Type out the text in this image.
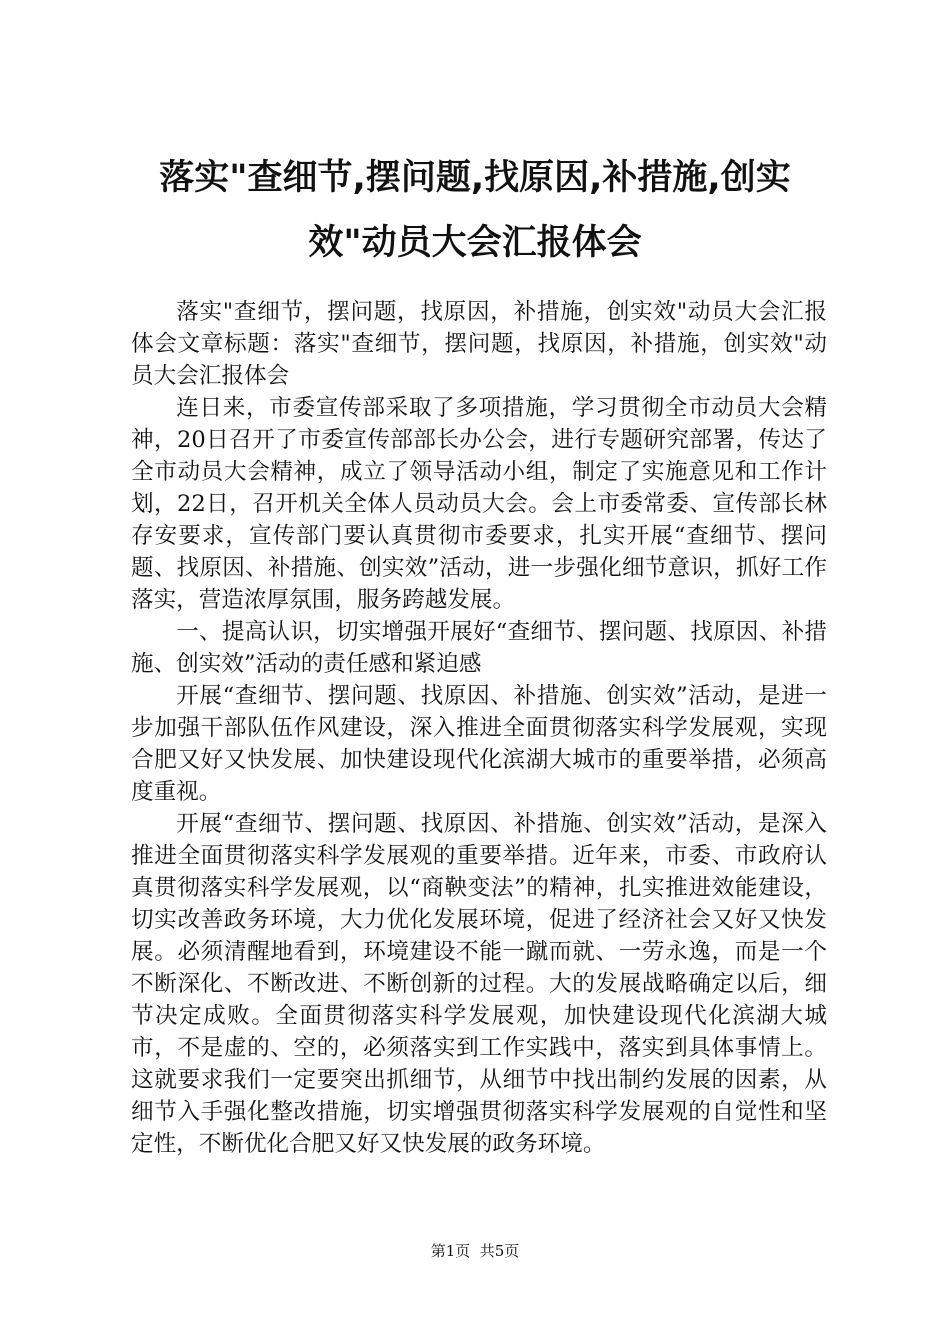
落实"查细节,摆问题,找原因,补措施,创实
效"动员大会汇报体会

落实"查细节，摆问题，找原因，补措施，创实效"动员大会汇报体会文章标题：落实"查细节，摆问题，找原因，补措施，创实效"动员大会汇报体会

连日来，市委宣传部采取了多项措施，学习贯彻全市动员大会精神，20日召开了市委宣传部部长办公会，进行专题研究部署，传达了全市动员大会精神，成立了领导活动小组，制定了实施意见和工作计划，22日，召开机关全体人员动员大会。会上市委常委、宣传部长林存安要求，宣传部门要认真贯彻市委要求，扎实开展“查细节、摆问题、找原因、补措施、创实效”活动，进一步强化细节意识，抓好工作落实，营造浓厚氛围，服务跨越发展。

一、提高认识，切实增强开展好“查细节、摆问题、找原因、补措施、创实效”活动的责任感和紧迫感

开展“查细节、摆问题、找原因、补措施、创实效”活动，是进一步加强干部队伍作风建设，深入推进全面贯彻落实科学发展观，实现合肥又好又快发展、加快建设现代化滨湖大城市的重要举措，必须高度重视。

开展“查细节、摆问题、找原因、补措施、创实效”活动，是深入推进全面贯彻落实科学发展观的重要举措。近年来，市委、市政府认真贯彻落实科学发展观，以“商鞅变法”的精神，扎实推进效能建设，切实改善政务环境，大力优化发展环境，促进了经济社会又好又快发展。必须清醒地看到，环境建设不能一蹴而就、一劳永逸，而是一个不断深化、不断改进、不断创新的过程。大的发展战略确定以后，细节决定成败。全面贯彻落实科学发展观，加快建设现代化滨湖大城市，不是虚的、空的，必须落实到工作实践中，落实到具体事情上。这就要求我们一定要突出抓细节，从细节中找出制约发展的因素，从细节入手强化整改措施，切实增强贯彻落实科学发展观的自觉性和坚定性，不断优化合肥又好又快发展的政务环境。

第1页  共5页
